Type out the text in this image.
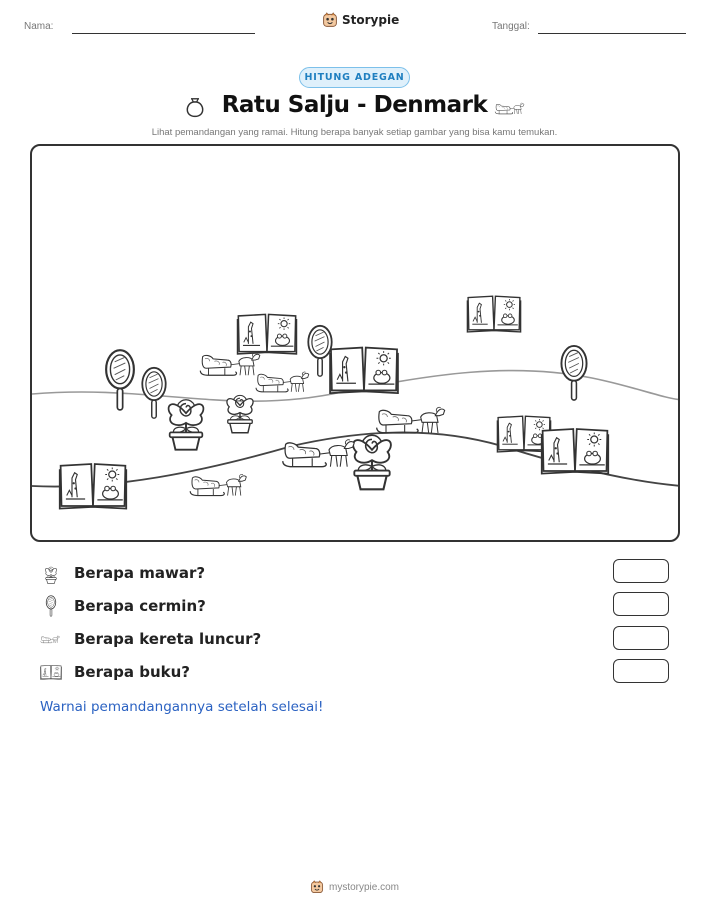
Nama:	Storypie	Tanggal:
HITUNG ADEGAN
Ratu Salju - Denmark
Lihat pemandangan yang ramai. Hitung berapa banyak setiap gambar yang bisa kamu temukan.
Berapa mawar?
Berapa cermin?
Berapa kereta luncur?
Berapa buku?
Warnai pemandangannya setelah selesai!
mystorypie.com
